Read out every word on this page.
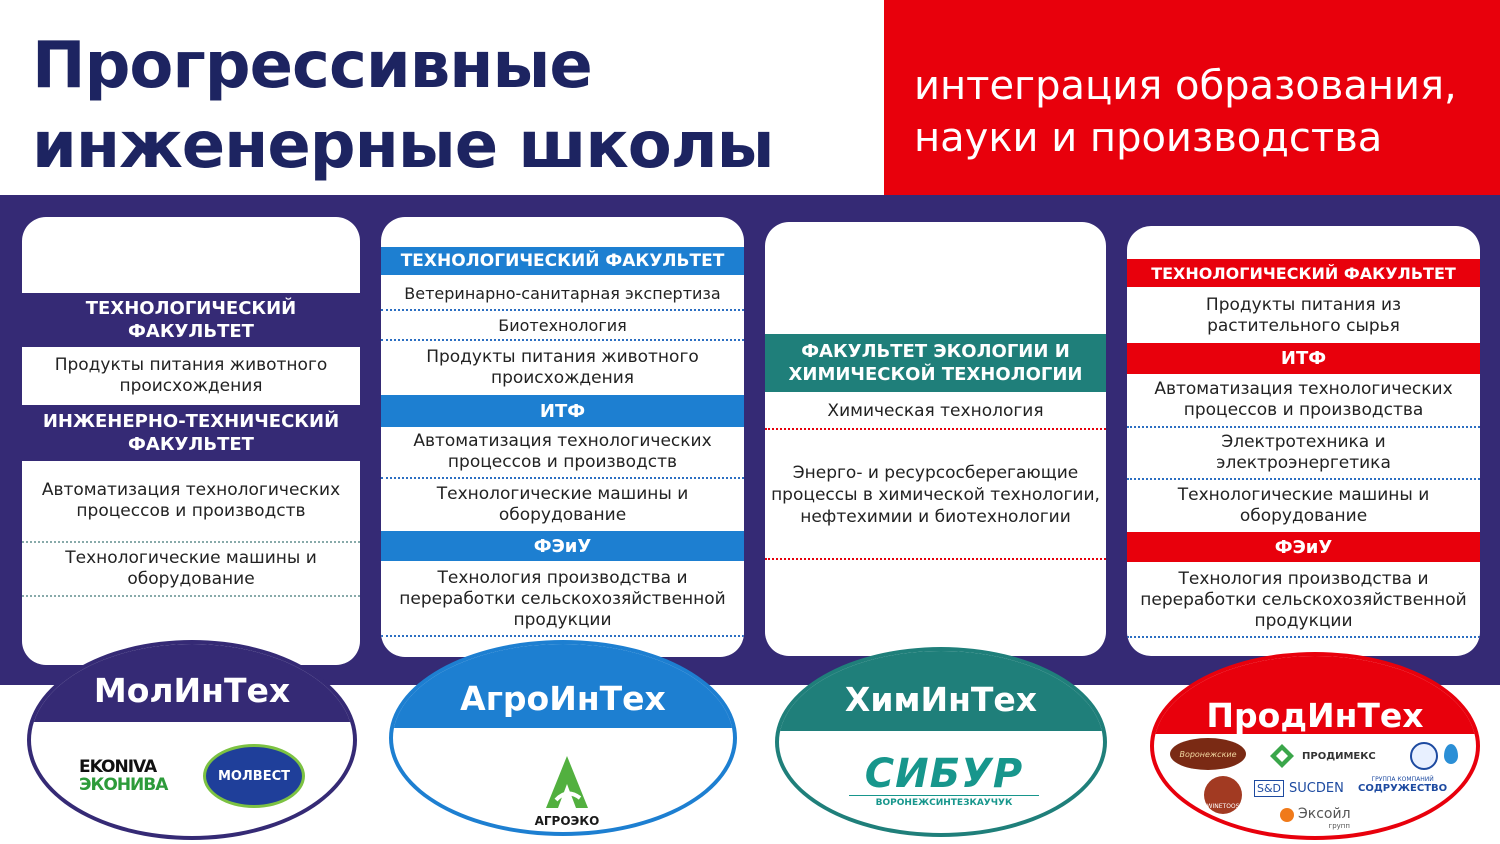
Прогрессивные
инженерные школы

интеграция образования,
науки и производства

ТЕХНОЛОГИЧЕСКИЙ ФАКУЛЬТЕТ
Продукты питания животного происхождения
ИНЖЕНЕРНО-ТЕХНИЧЕСКИЙ ФАКУЛЬТЕТ
Автоматизация технологических процессов и производств
Технологические машины и оборудование
ТЕХНОЛОГИЧЕСКИЙ ФАКУЛЬТЕТ
Ветеринарно-санитарная экспертиза
Биотехнология
Продукты питания животного происхождения
ИТФ
Автоматизация технологических процессов и производств
Технологические машины и оборудование
ФЭиУ
Технология производства и переработки сельскохозяйственной продукции
ФАКУЛЬТЕТ ЭКОЛОГИИ И ХИМИЧЕСКОЙ ТЕХНОЛОГИИ
Химическая технология
Энерго- и ресурсосберегающие процессы в химической технологии, нефтехимии и биотехнологии
ТЕХНОЛОГИЧЕСКИЙ ФАКУЛЬТЕТ
Продукты питания из растительного сырья
ИТФ
Автоматизация технологических процессов и производства
Электротехника и электроэнергетика
Технологические машины и оборудование
ФЭиУ
Технология производства и переработки сельскохозяйственной продукции
МолИнТех
EKONIVA
ЭКОНИВА	МОЛВЕСТ
АгроИнТех
АГРОЭКО
ХимИнТех
СИБУР
ВОРОНЕЖСИНТЕЗКАУЧУК
ПродИнТех
Воронежские	ПРОДИМЕКС
WINETOOS
S&D SUCDEN
ГРУППА КОМПАНИЙ
СОДРУЖЕСТВО
Эксойл
групп
